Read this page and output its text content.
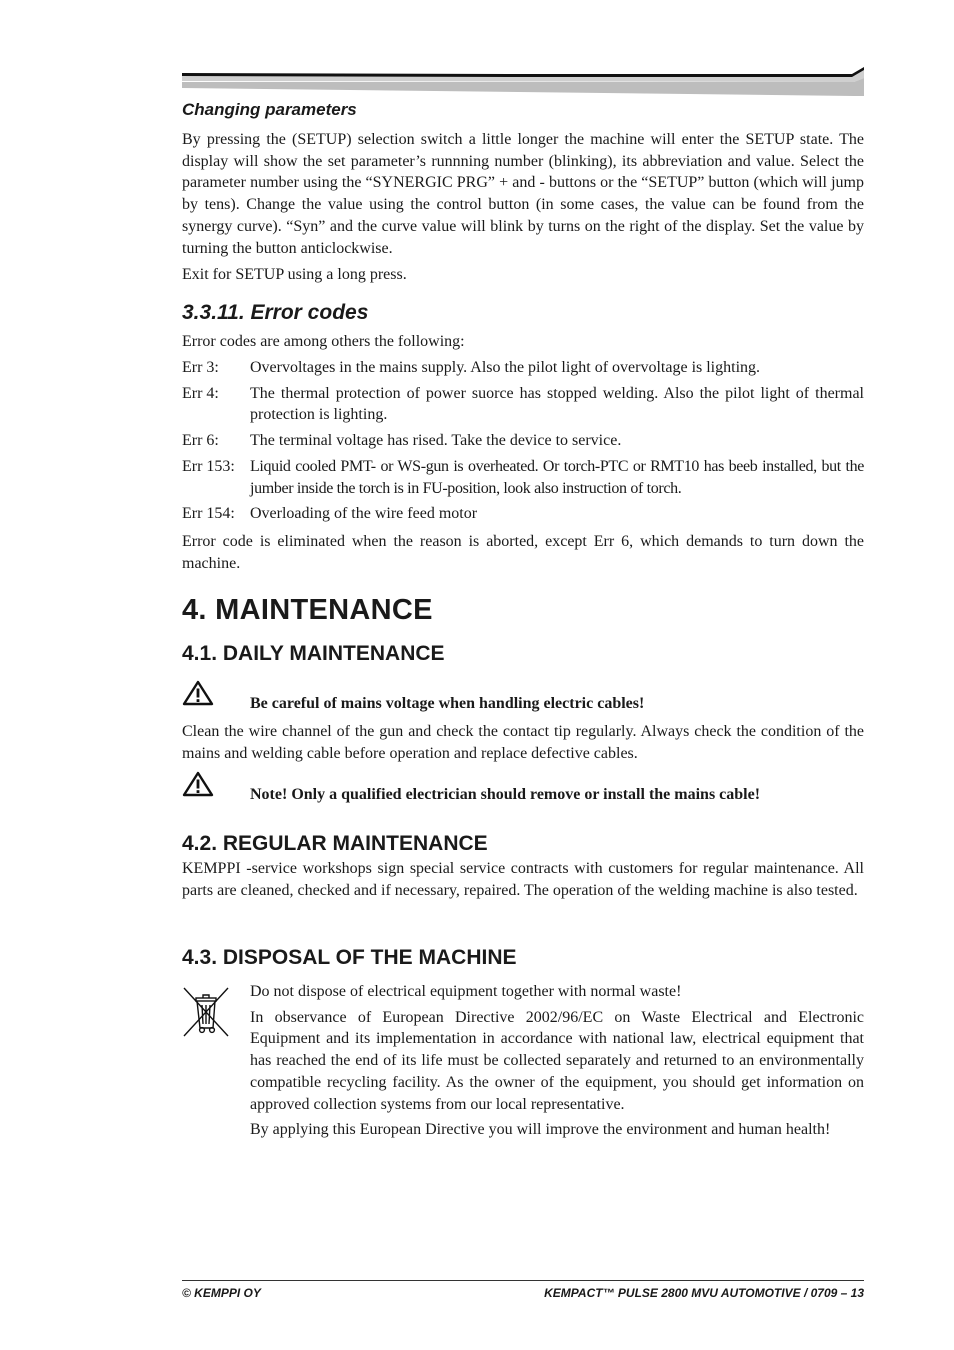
Changing parameters

By pressing the (SETUP) selection switch a little longer the machine will enter the SETUP state. The display will show the set parameter’s runnning number (blinking), its abbreviation and value. Select the parameter number using the “SYNERGIC PRG” + and - buttons or the “SETUP” button (which will jump by tens). Change the value using the control button (in some cases, the value can be found from the synergy curve). “Syn” and the curve value will blink by turns on the right of the display. Set the value by turning the button anticlockwise.

Exit for SETUP using a long press.

3.3.11. Error codes

Error codes are among others the following:

Err 3:	Overvoltages in the mains supply. Also the pilot light of overvoltage is lighting.
Err 4:	The thermal protection of power suorce has stopped welding. Also the pilot light of thermal protection is lighting.
Err 6:	The terminal voltage has rised. Take the device to service.
Err 153: Liquid cooled PMT- or WS-gun is overheated. Or torch-PTC or RMT10 has beeb installed, but the jumber inside the torch is in FU-position, look also instruction of torch.
Err 154: Overloading of the wire feed motor

Error code is eliminated when the reason is aborted, except Err 6, which demands to turn down the machine.

4. MAINTENANCE
4.1. DAILY MAINTENANCE
Be careful of mains voltage when handling electric cables!

Clean the wire channel of the gun and check the contact tip regularly. Always check the condition of the mains and welding cable before operation and replace defective cables.

Note! Only a qualified electrician should remove or install the mains cable!
4.2. REGULAR MAINTENANCE

KEMPPI -service workshops sign special service contracts with customers for regular maintenance. All parts are cleaned, checked and if necessary, repaired. The operation of the welding machine is also tested.

4.3. DISPOSAL OF THE MACHINE

Do not dispose of electrical equipment together with normal waste!

In observance of European Directive 2002/96/EC on Waste Electrical and Electronic Equipment and its implementation in accordance with national law, electrical equipment that has reached the end of its life must be collected separately and returned to an environmentally compatible recycling facility. As the owner of the equipment, you should get information on approved collection systems from our local representative.

By applying this European Directive you will improve the environment and human health!

© KEMPPI OY	KEMPACT™ PULSE 2800 MVU AUTOMOTIVE / 0709 – 13
